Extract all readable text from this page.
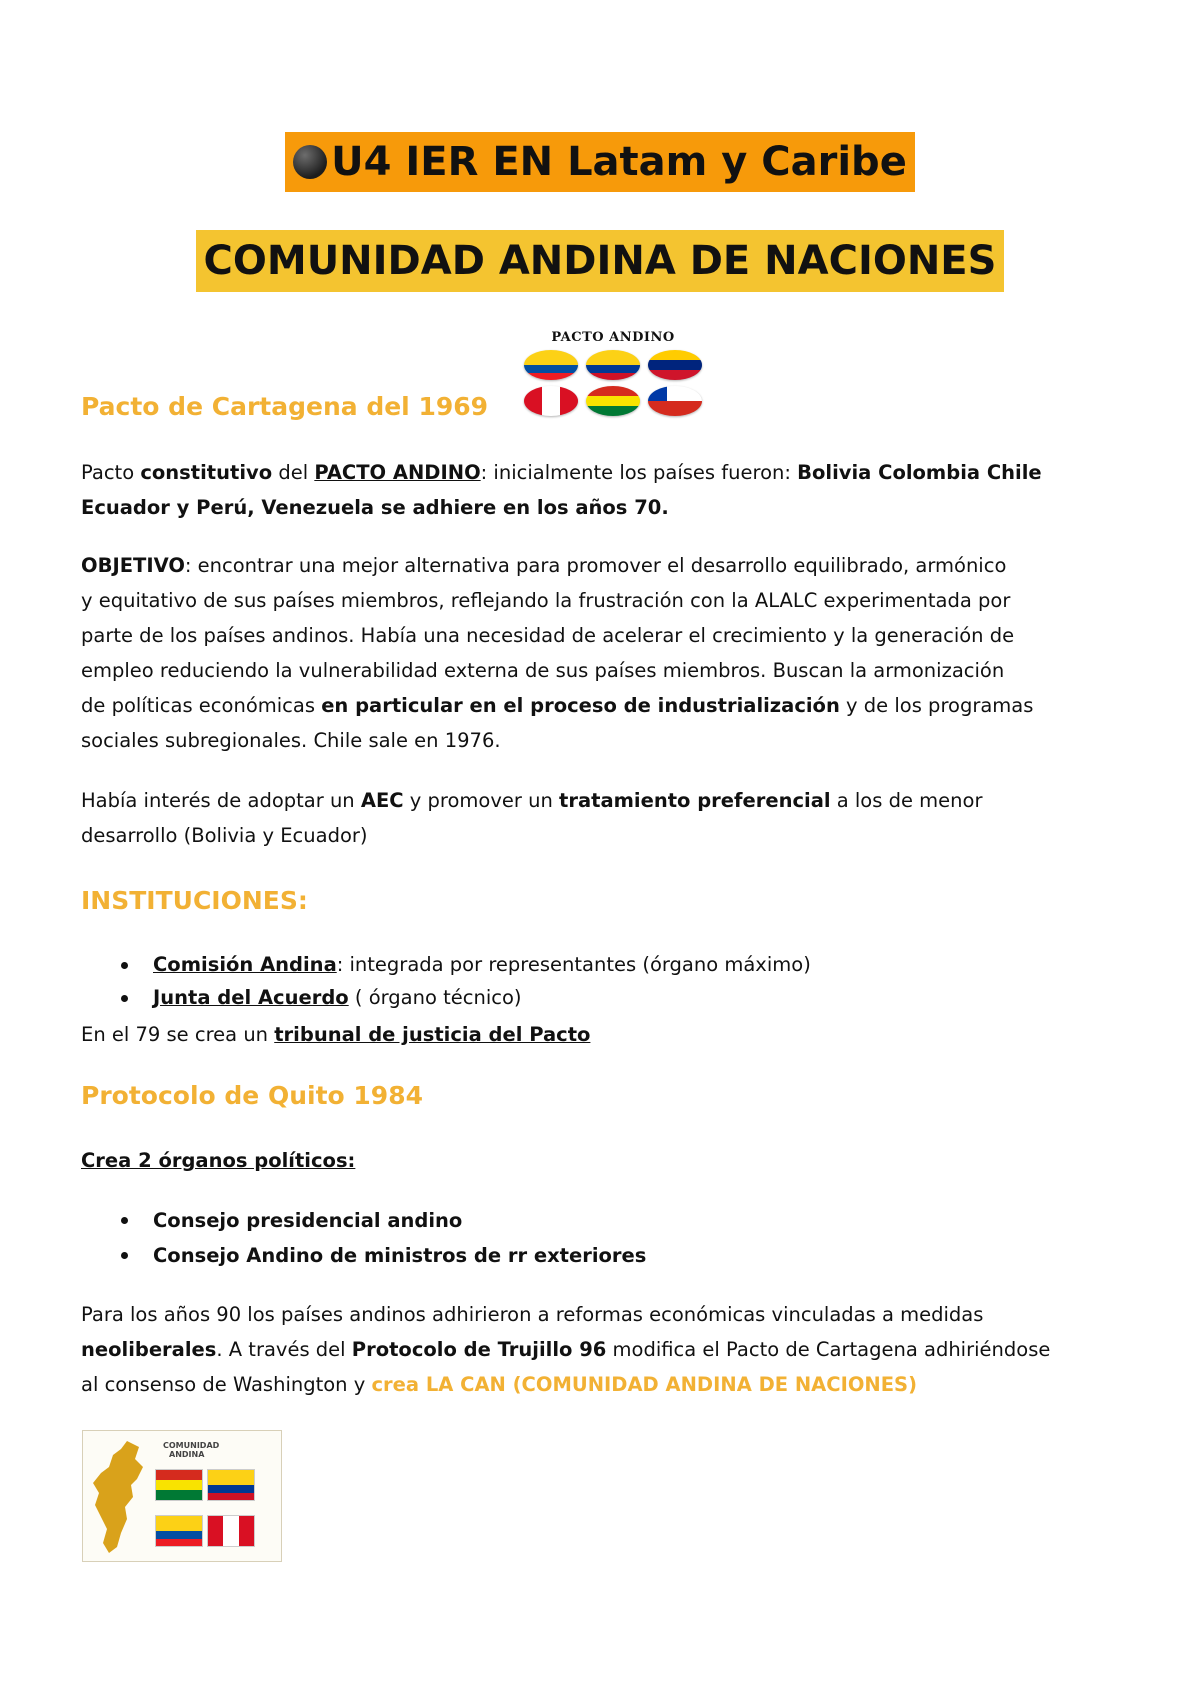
U4 IER EN Latam y Caribe
COMUNIDAD ANDINA DE NACIONES
PACTO ANDINO
Pacto de Cartagena del 1969
Pacto constitutivo del PACTO ANDINO: inicialmente los países fueron: Bolivia Colombia Chile
Ecuador y Perú, Venezuela se adhiere en los años 70.
OBJETIVO: encontrar una mejor alternativa para promover el desarrollo equilibrado, armónico
y equitativo de sus países miembros, reflejando la frustración con la ALALC experimentada por
parte de los países andinos. Había una necesidad de acelerar el crecimiento y la generación de
empleo reduciendo la vulnerabilidad externa de sus países miembros. Buscan la armonización
de políticas económicas en particular en el proceso de industrialización y de los programas
sociales subregionales. Chile sale en 1976.
Había interés de adoptar un AEC y promover un tratamiento preferencial a los de menor
desarrollo (Bolivia y Ecuador)
INSTITUCIONES:
Comisión Andina: integrada por representantes (órgano máximo)
Junta del Acuerdo ( órgano técnico)
En el 79 se crea un tribunal de justicia del Pacto
Protocolo de Quito 1984
Crea 2 órganos políticos:
Consejo presidencial andino
Consejo Andino de ministros de rr exteriores
Para los años 90 los países andinos adhirieron a reformas económicas vinculadas a medidas
neoliberales. A través del Protocolo de Trujillo 96 modifica el Pacto de Cartagena adhiriéndose
al consenso de Washington y crea LA CAN (COMUNIDAD ANDINA DE NACIONES)
COMUNIDAD
ANDINA
